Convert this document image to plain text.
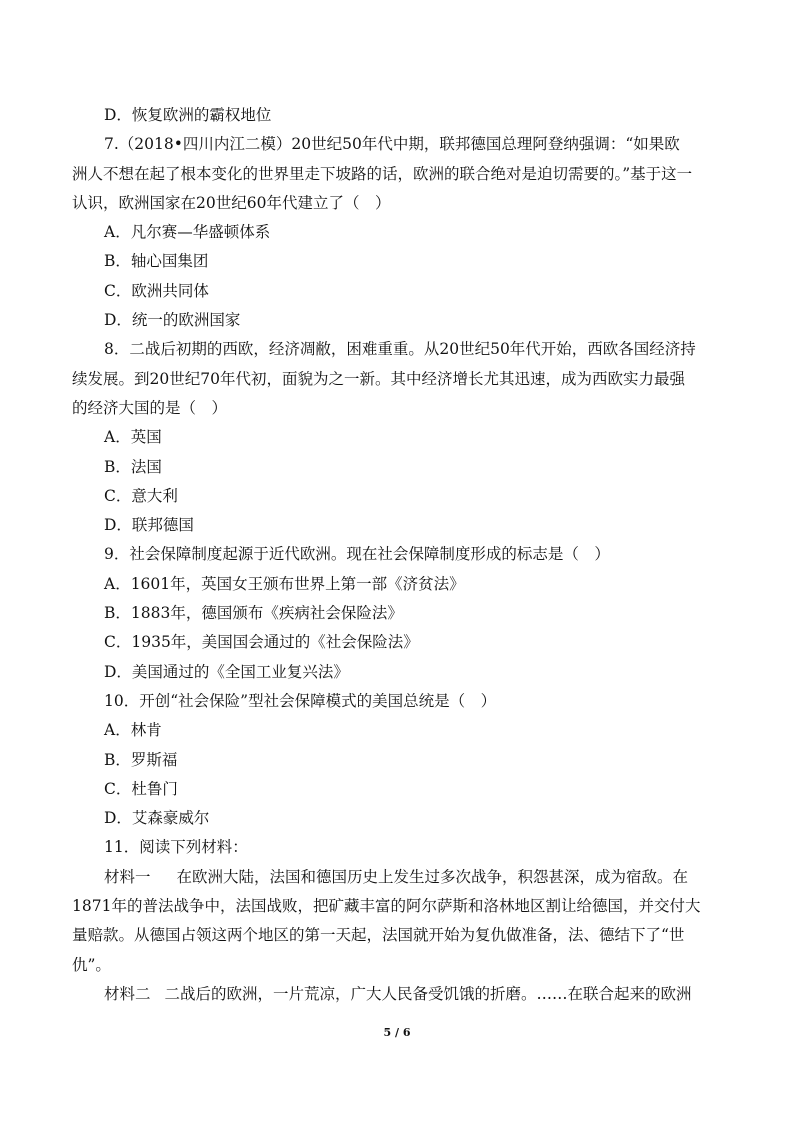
D．恢复欧洲的霸权地位

7.（2018•四川内江二模）20世纪50年代中期，联邦德国总理阿登纳强调：“如果欧

洲人不想在起了根本变化的世界里走下坡路的话，欧洲的联合绝对是迫切需要的。”基于这一

认识，欧洲国家在20世纪60年代建立了（　）

A．凡尔赛—华盛顿体系

B．轴心国集团

C．欧洲共同体

D．统一的欧洲国家

8．二战后初期的西欧，经济凋敝，困难重重。从20世纪50年代开始，西欧各国经济持

续发展。到20世纪70年代初，面貌为之一新。其中经济增长尤其迅速，成为西欧实力最强

的经济大国的是（　）

A．英国

B．法国

C．意大利

D．联邦德国

9．社会保障制度起源于近代欧洲。现在社会保障制度形成的标志是（　）

A．1601年，英国女王颁布世界上第一部《济贫法》

B．1883年，德国颁布《疾病社会保险法》

C．1935年，美国国会通过的《社会保险法》

D．美国通过的《全国工业复兴法》

10．开创“社会保险”型社会保障模式的美国总统是（　）

A．林肯

B．罗斯福

C．杜鲁门

D．艾森豪威尔

11．阅读下列材料：

材料一 在欧洲大陆，法国和德国历史上发生过多次战争，积怨甚深，成为宿敌。在

1871年的普法战争中，法国战败，把矿藏丰富的阿尔萨斯和洛林地区割让给德国，并交付大

量赔款。从德国占领这两个地区的第一天起，法国就开始为复仇做准备，法、德结下了“世

仇”。

材料二 二战后的欧洲，一片荒凉，广大人民备受饥饿的折磨。……在联合起来的欧洲

5 / 6
